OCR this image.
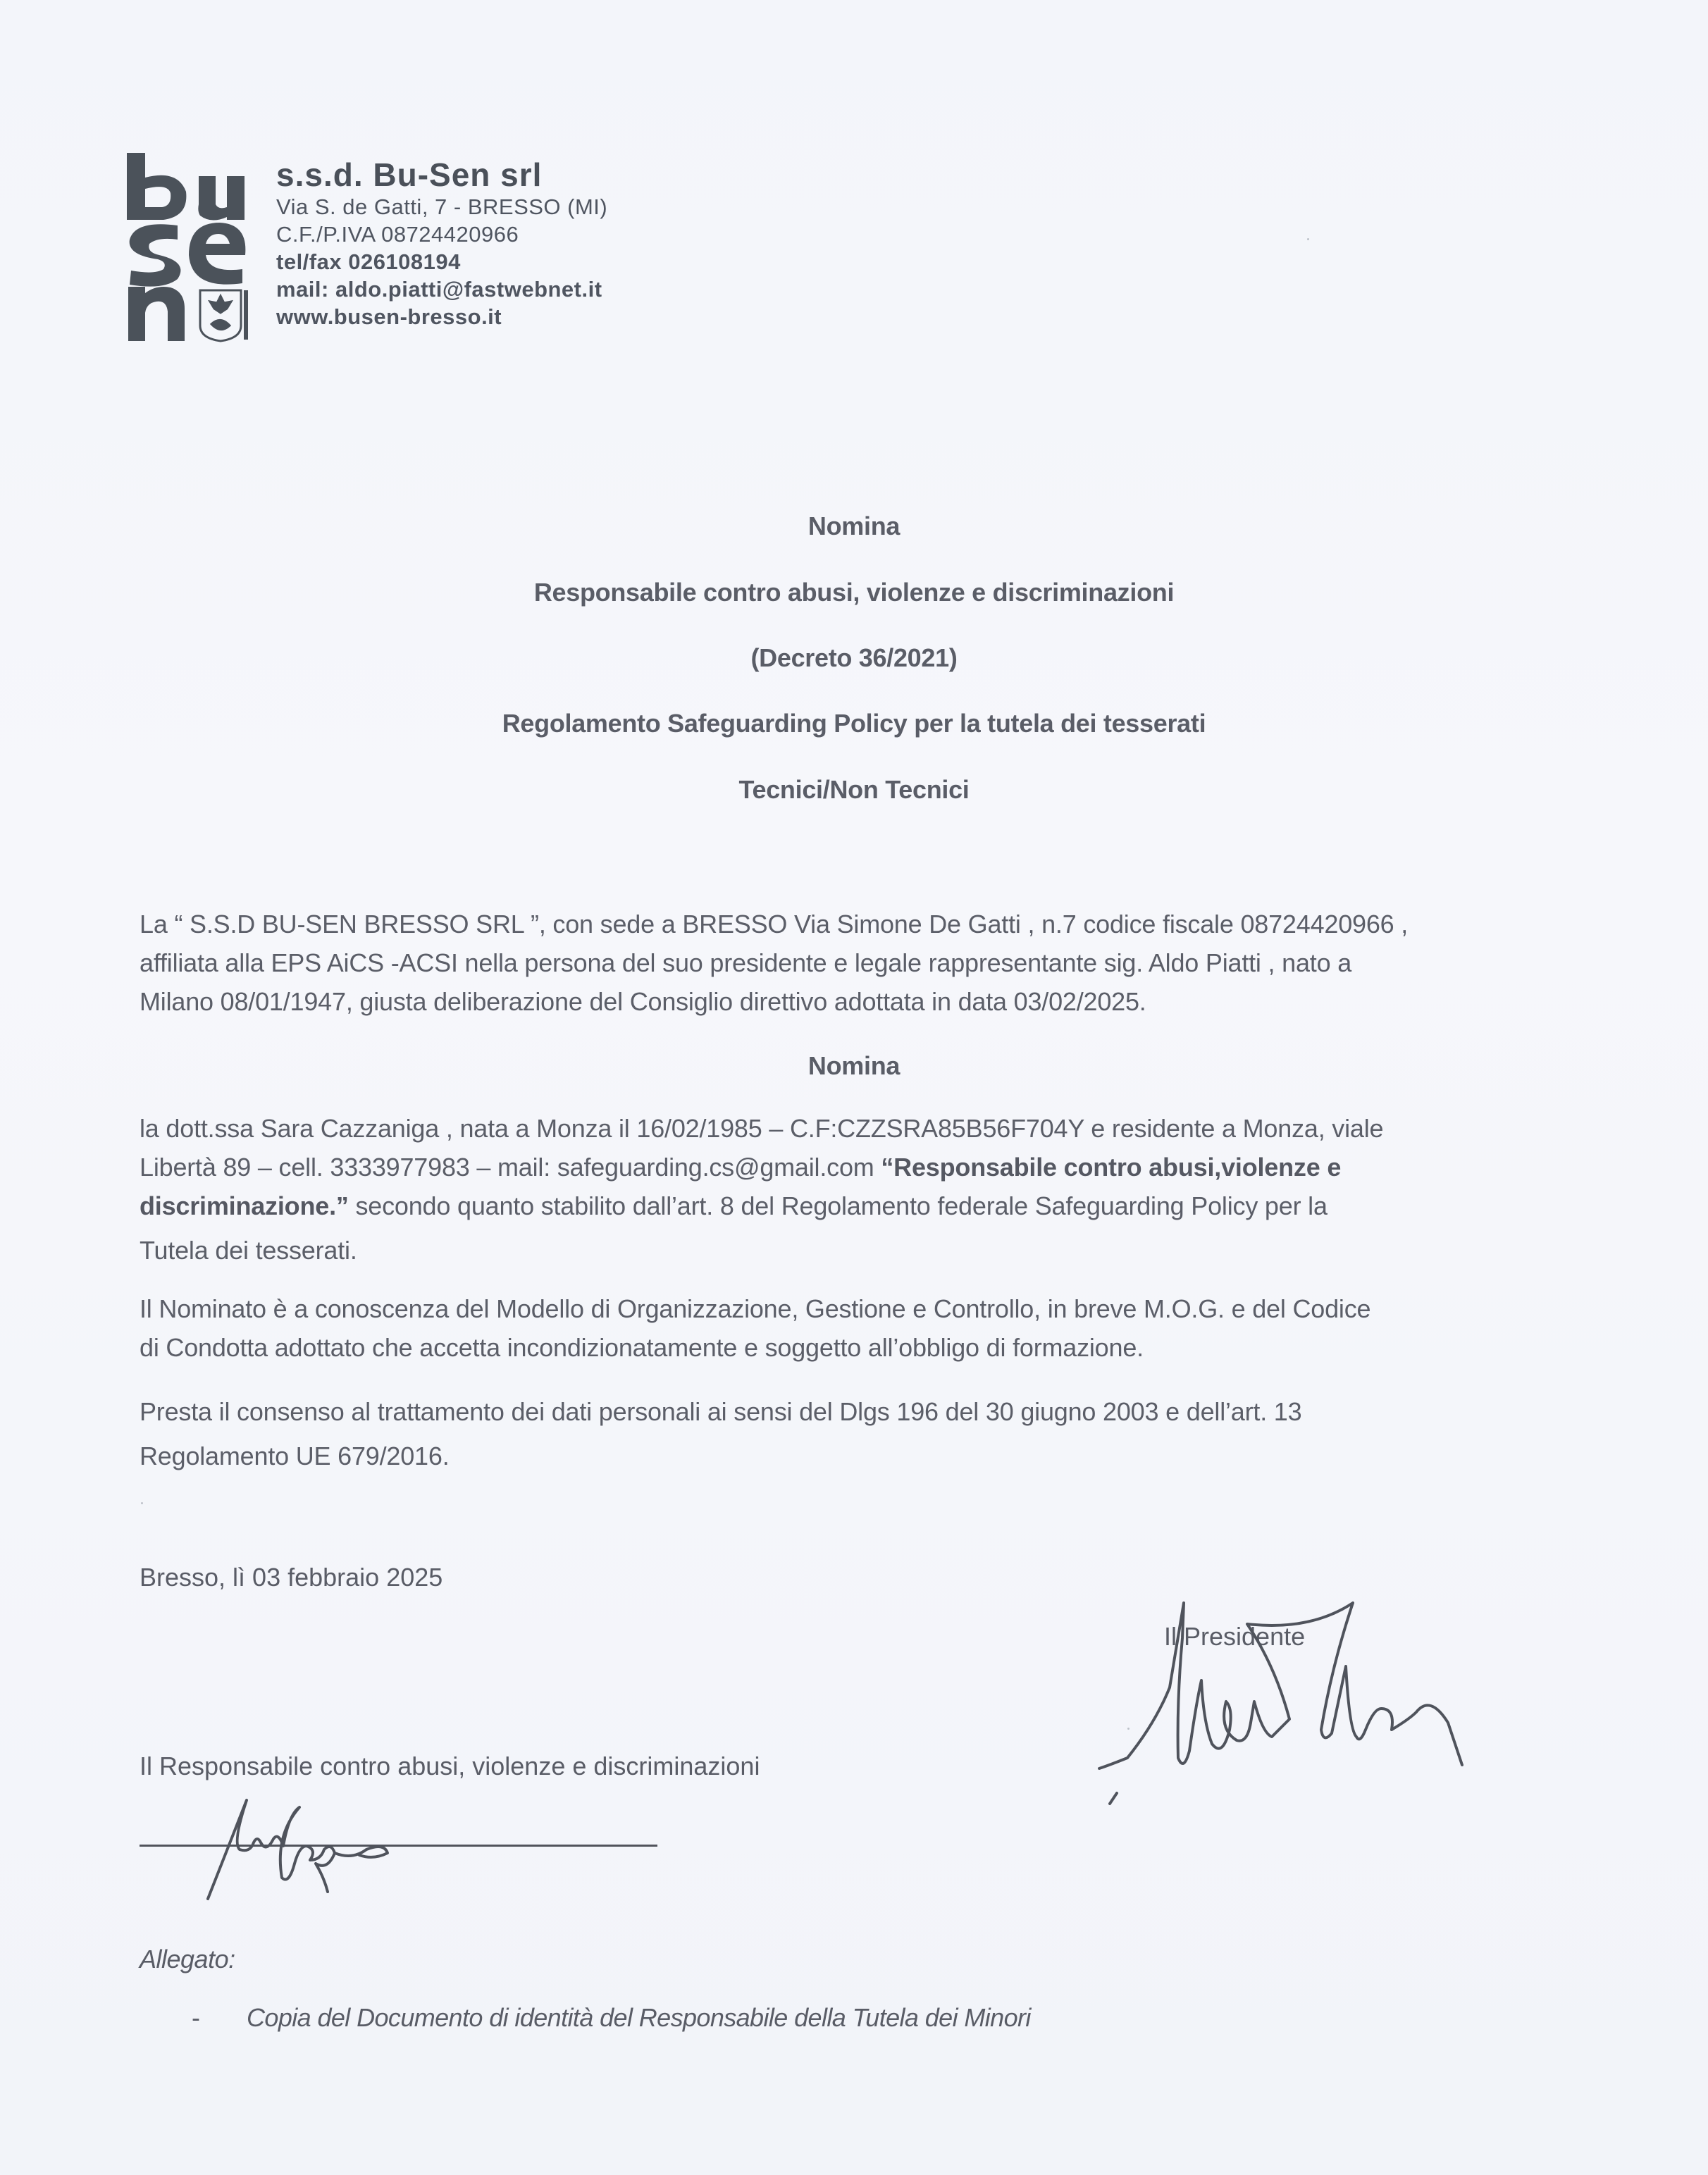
s.s.d. Bu-Sen srl
Via S. de Gatti, 7 - BRESSO (MI)
C.F./P.IVA 08724420966
tel/fax 026108194
mail: aldo.piatti@fastwebnet.it
www.busen-bresso.it
Nomina
Responsabile contro abusi, violenze e discriminazioni
(Decreto 36/2021)
Regolamento Safeguarding Policy per la tutela dei tesserati
Tecnici/Non Tecnici
La “ S.S.D BU-SEN BRESSO SRL ”, con sede a BRESSO Via Simone De Gatti , n.7 codice fiscale 08724420966 ,
affiliata alla EPS AiCS -ACSI nella persona del suo presidente e legale rappresentante sig. Aldo Piatti , nato a
Milano 08/01/1947, giusta deliberazione del Consiglio direttivo adottata in data 03/02/2025.
Nomina
la dott.ssa Sara Cazzaniga , nata a Monza il 16/02/1985 – C.F:CZZSRA85B56F704Y e residente a Monza, viale
Libertà 89 – cell. 3333977983 – mail: safeguarding.cs@gmail.com “Responsabile contro abusi,violenze e
discriminazione.” secondo quanto stabilito dall’art. 8 del Regolamento federale Safeguarding Policy per la
Tutela dei tesserati.
Il Nominato è a conoscenza del Modello di Organizzazione, Gestione e Controllo, in breve M.O.G. e del Codice
di Condotta adottato che accetta incondizionatamente e soggetto all’obbligo di formazione.
Presta il consenso al trattamento dei dati personali ai sensi del Dlgs 196 del 30 giugno 2003 e dell’art. 13
Regolamento UE 679/2016.
Bresso, lì 03 febbraio 2025
Il Presidente
Il Responsabile contro abusi, violenze e discriminazioni
Allegato:
- Copia del Documento di identità del Responsabile della Tutela dei Minori
